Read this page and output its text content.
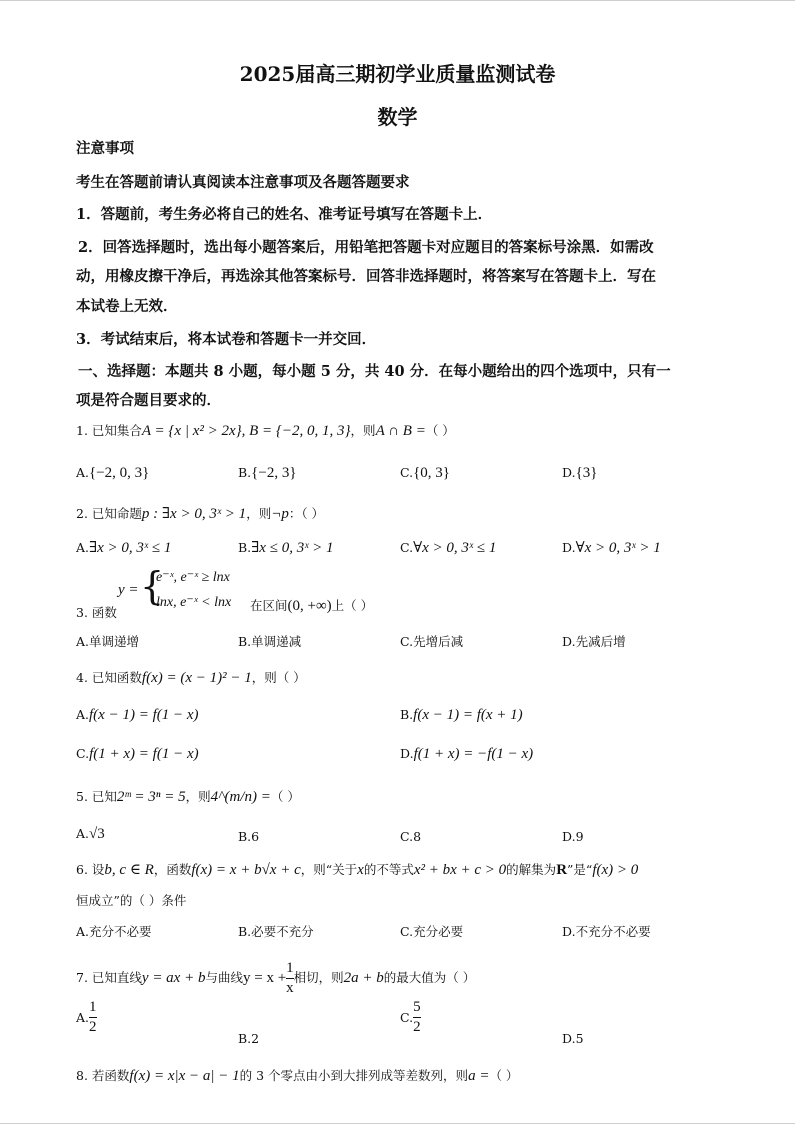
2025届高三期初学业质量监测试卷
数学
注意事项
考生在答题前请认真阅读本注意事项及各题答题要求
1．答题前，考生务必将自己的姓名、准考证号填写在答题卡上．
2．回答选择题时，选出每小题答案后，用铅笔把答题卡对应题目的答案标号涂黑．如需改
动，用橡皮擦干净后，再选涂其他答案标号．回答非选择题时，将答案写在答题卡上．写在
本试卷上无效．
3．考试结束后，将本试卷和答题卡一并交回．
一、选择题：本题共 8 小题，每小题 5 分，共 40 分．在每小题给出的四个选项中，只有一
项是符合题目要求的．
1. 已知集合A = {x | x² > 2x}, B = {−2, 0, 1, 3}，则A ∩ B =（ ）
A.{−2, 0, 3}	B.{−2, 3}	C.{0, 3}	D.{3}
2. 已知命题p : ∃x > 0, 3ˣ > 1，则¬p：（ ）
A.∃x > 0, 3ˣ ≤ 1	B.∃x ≤ 0, 3ˣ > 1	C.∀x > 0, 3ˣ ≤ 1	D.∀x > 0, 3ˣ > 1
3. 函数
y = {
e⁻ˣ, e⁻ˣ ≥ lnx
lnx, e⁻ˣ < lnx 在区间(0, +∞)上（ ）
A.单调递增	B.单调递减	C.先增后减	D.先减后增
4. 已知函数f(x) = (x − 1)² − 1，则（ ）
A.f(x − 1) = f(1 − x)	B.f(x − 1) = f(x + 1)
C.f(1 + x) = f(1 − x)	D.f(1 + x) = −f(1 − x)
5. 已知2ᵐ = 3ⁿ = 5，则4^(m/n) =（ ）
A.√3	B.6	C.8	D.9
6. 设b, c ∈ R，函数f(x) = x + b√x + c，则“关于x的不等式x² + bx + c > 0的解集为R”是“f(x) > 0
恒成立”的（ ）条件
A.充分不必要	B.必要不充分	C.充分必要	D.不充分不必要
7. 已知直线y = ax + b与曲线$y = x + \frac{1}{x}$ 相切，则2a + b的最大值为（ ）
A. $\frac{1}{2}$
B.2
C. $\frac{5}{2}$
D.5
8. 若函数f(x) = x|x − a| − 1的 3 个零点由小到大排列成等差数列，则a =（ ）
